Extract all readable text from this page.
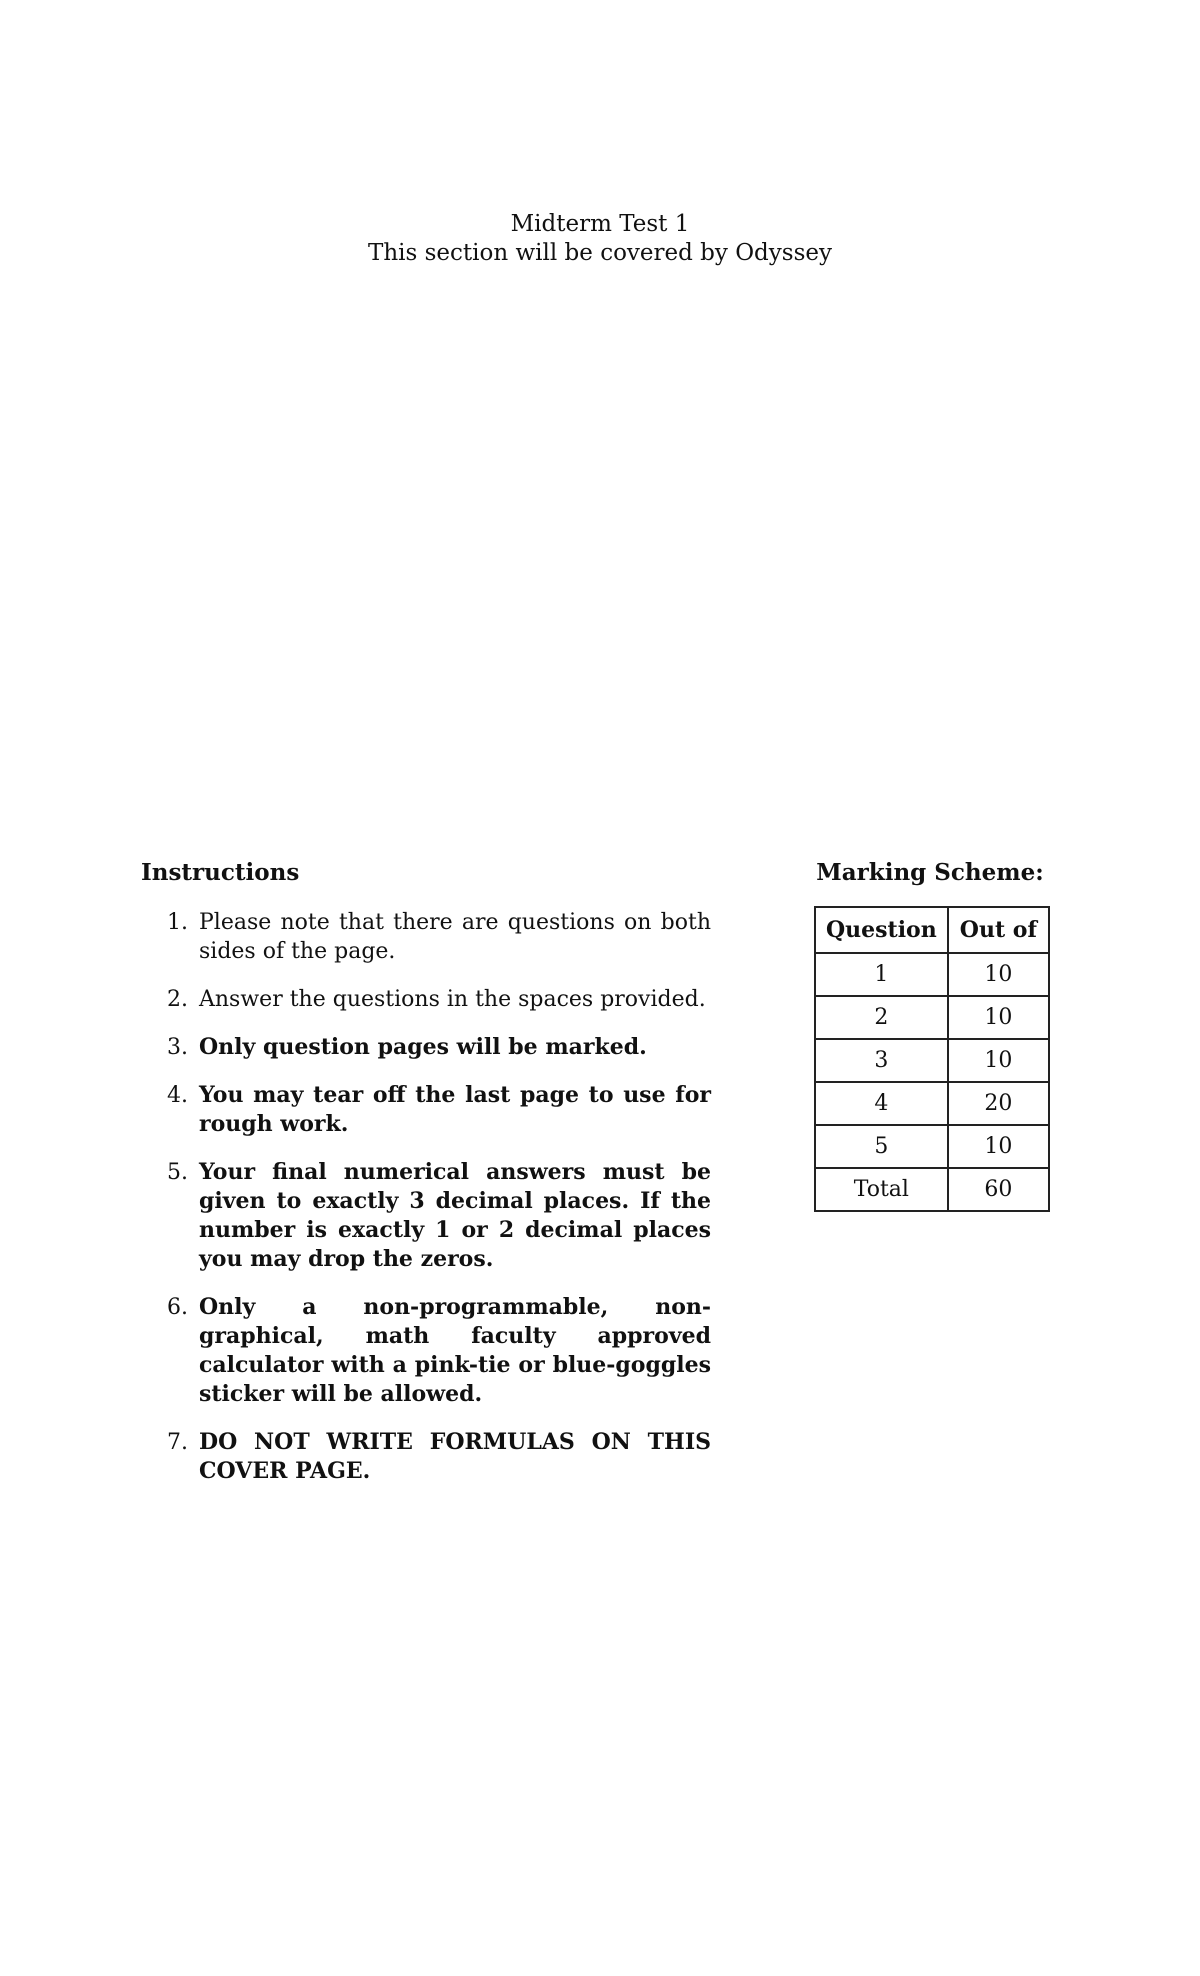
Midterm Test 1
This section will be covered by Odyssey
Instructions
1. Please note that there are questions on both sides of the page.
2. Answer the questions in the spaces provided.
3. Only question pages will be marked.
4. You may tear off the last page to use for rough work.
5. Your final numerical answers must be given to exactly 3 decimal places. If the number is exactly 1 or 2 decimal places you may drop the zeros.
6. Only a non-programmable, non-graphical, math faculty approved calculator with a pink-tie or blue-goggles sticker will be allowed.
7. DO NOT WRITE FORMULAS ON THIS COVER PAGE.
Marking Scheme:
Question	Out of
1	10
2	10
3	10
4	20
5	10
Total	60
